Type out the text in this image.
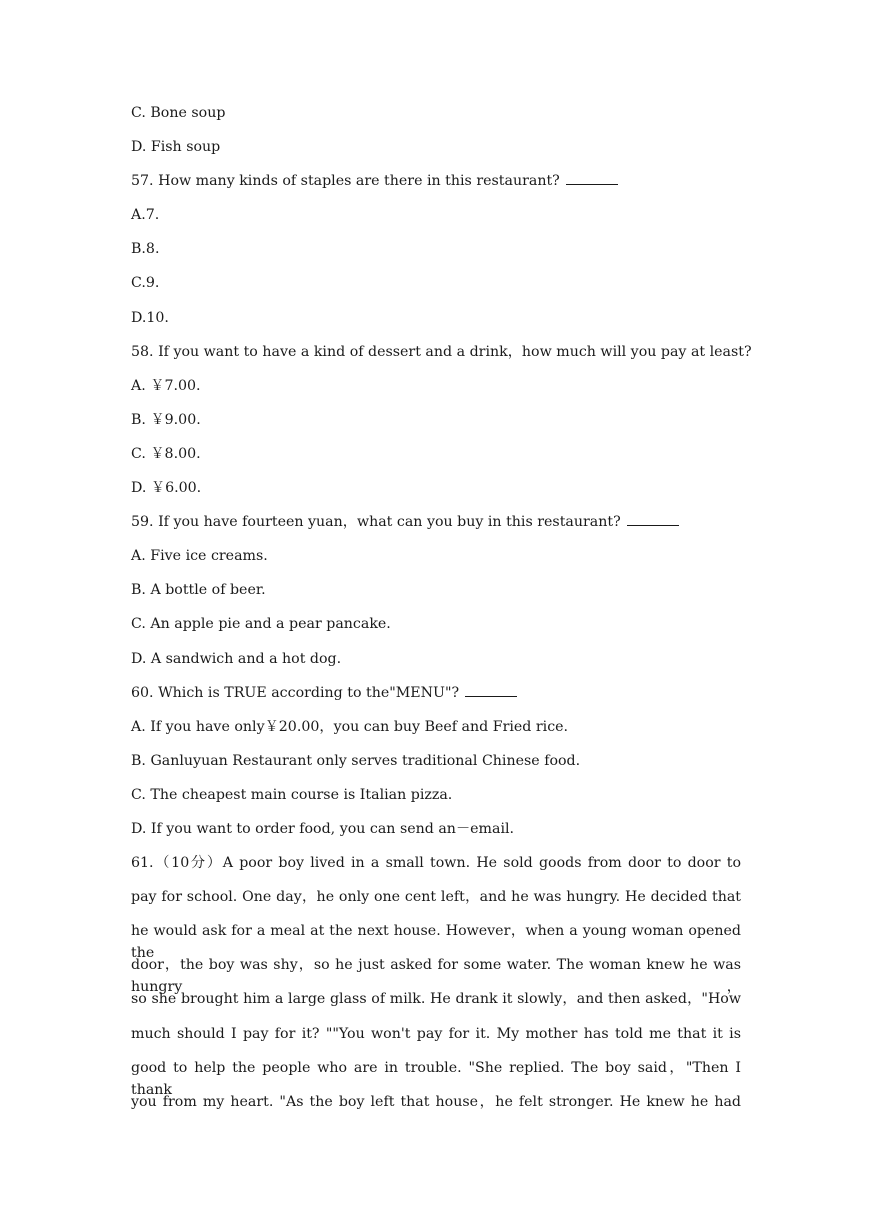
C. Bone soup
D. Fish soup
57. How many kinds of staples are there in this restaurant?
A.7.
B.8.
C.9.
D.10.
58. If you want to have a kind of dessert and a drink，how much will you pay at least?
A. ￥7.00.
B. ￥9.00.
C. ￥8.00.
D. ￥6.00.
59. If you have fourteen yuan，what can you buy in this restaurant?
A. Five ice creams.
B. A bottle of beer.
C. An apple pie and a pear pancake.
D. A sandwich and a hot dog.
60. Which is TRUE according to the"MENU"?
A. If you have only￥20.00，you can buy Beef and Fried rice.
B. Ganluyuan Restaurant only serves traditional Chinese food.
C. The cheapest main course is Italian pizza.
D. If you want to order food, you can send an－email.
61.（10分）A poor boy lived in a small town. He sold goods from door to door to
pay for school. One day，he only one cent left，and he was hungry. He decided that
he would ask for a meal at the next house. However，when a young woman opened the
door，the boy was shy，so he just asked for some water. The woman knew he was hungry，
so she brought him a large glass of milk. He drank it slowly，and then asked，"How
much should I pay for it? ""You won't pay for it. My mother has told me that it is
good to help the people who are in trouble. "She replied. The boy said，"Then I thank
you from my heart. "As the boy left that house，he felt stronger. He knew he had
